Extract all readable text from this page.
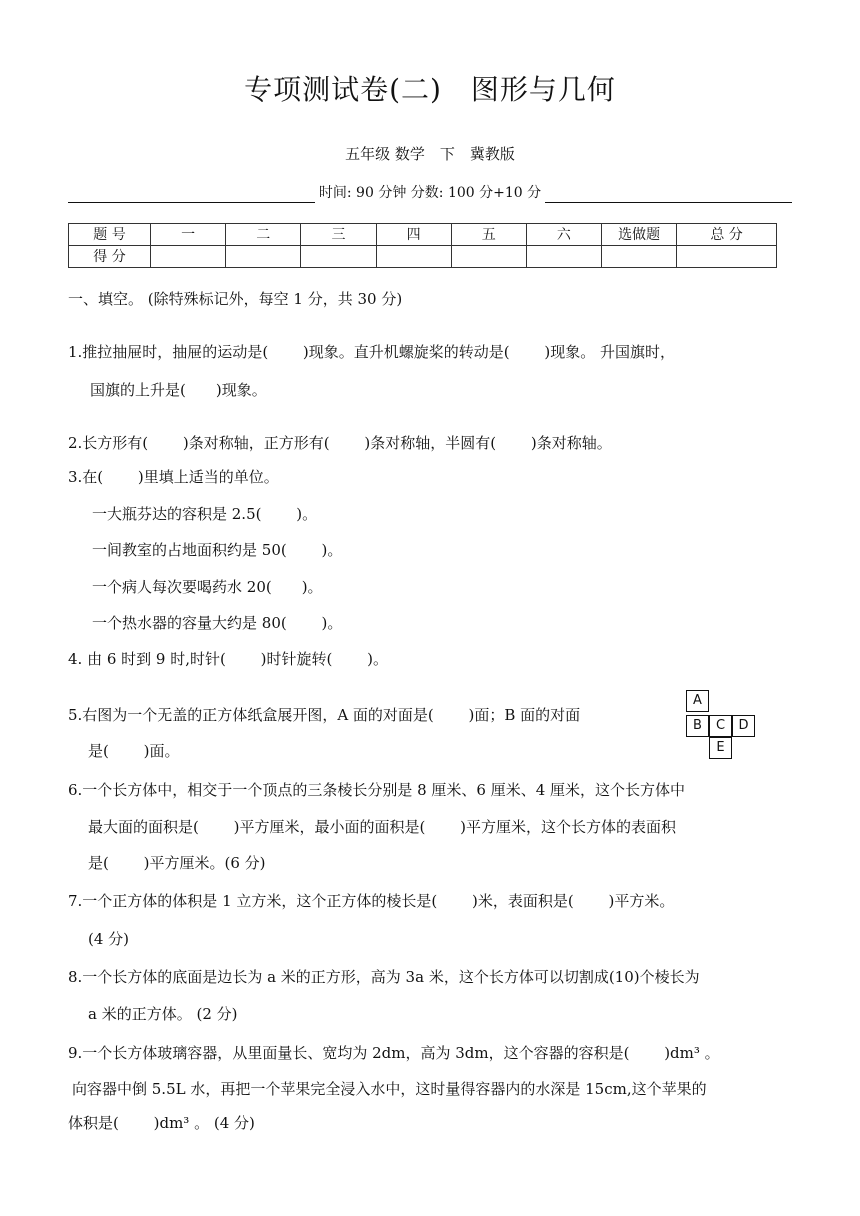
专项测试卷(二)　图形与几何
五年级 数学　下　冀教版
时间: 90 分钟 分数: 100 分+10 分
题 号	一	二	三	四	五	六	选做题	总 分
得 分								
一、填空。 (除特殊标记外，每空 1 分，共 30 分)
1.推拉抽屉时，抽屉的运动是(　　 )现象。直升机螺旋桨的转动是(　　 )现象。 升国旗时，
国旗的上升是(　　)现象。
2.长方形有(　　 )条对称轴，正方形有(　　 )条对称轴，半圆有(　　 )条对称轴。
3.在(　　 )里填上适当的单位。
一大瓶芬达的容积是 2.5(　　 )。
一间教室的占地面积约是 50(　　 )。
一个病人每次要喝药水 20(　　)。
一个热水器的容量大约是 80(　　 )。
4. 由 6 时到 9 时,时针(　　 )时针旋转(　　 )。
5.右图为一个无盖的正方体纸盒展开图，A 面的对面是(　　 )面；B 面的对面
是(　　 )面。
A
B	C	D
E
6.一个长方体中，相交于一个顶点的三条棱长分别是 8 厘米、6 厘米、4 厘米，这个长方体中
最大面的面积是(　　 )平方厘米，最小面的面积是(　　 )平方厘米，这个长方体的表面积
是(　　 )平方厘米。(6 分)
7.一个正方体的体积是 1 立方米，这个正方体的棱长是(　　 )米，表面积是(　　 )平方米。
(4 分)
8.一个长方体的底面是边长为 a 米的正方形，高为 3a 米，这个长方体可以切割成(10)个棱长为
a 米的正方体。 (2 分)
9.一个长方体玻璃容器，从里面量长、宽均为 2dm，高为 3dm，这个容器的容积是(　　 )dm³ 。
向容器中倒 5.5L 水，再把一个苹果完全浸入水中，这时量得容器内的水深是 15cm,这个苹果的
体积是(　　 )dm³ 。 (4 分)
